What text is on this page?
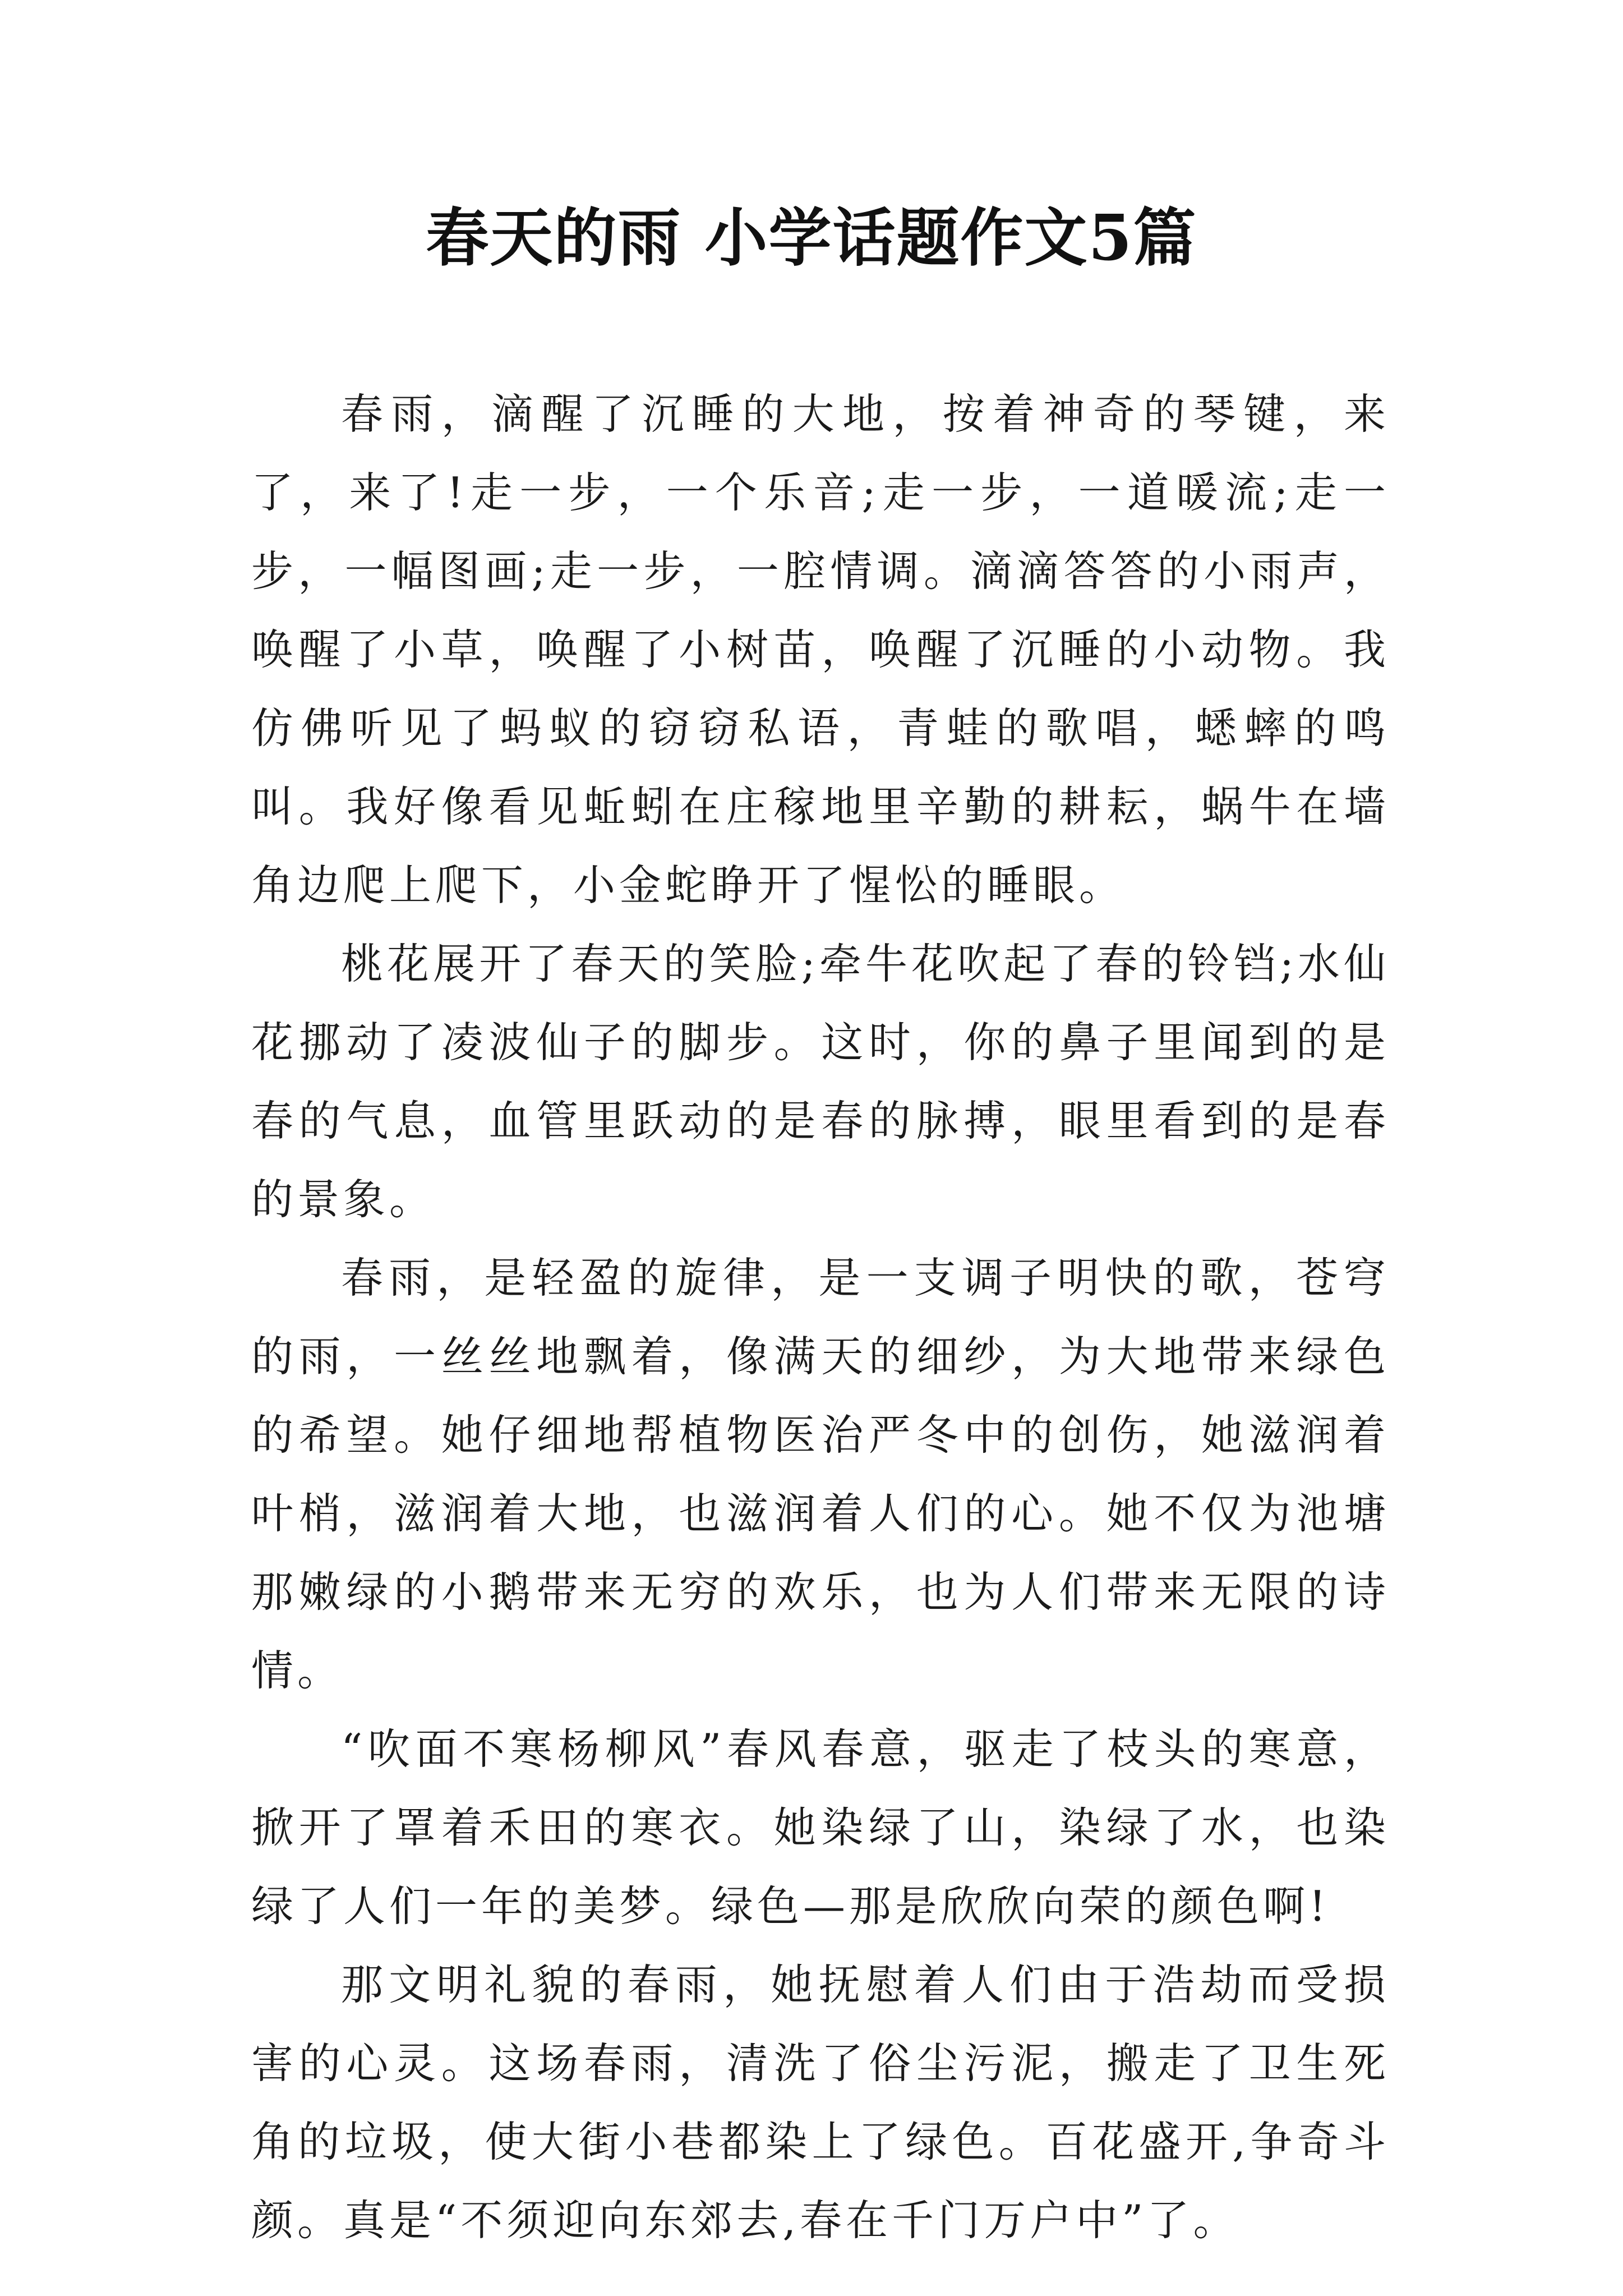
春天的雨 小学话题作文5篇

春雨，滴醒了沉睡的大地，按着神奇的琴键，来了，来了!走一步，一个乐音;走一步，一道暖流;走一步，一幅图画;走一步，一腔情调。滴滴答答的小雨声，唤醒了小草，唤醒了小树苗，唤醒了沉睡的小动物。我仿佛听见了蚂蚁的窃窃私语，青蛙的歌唱，蟋蟀的鸣叫。我好像看见蚯蚓在庄稼地里辛勤的耕耘，蜗牛在墙角边爬上爬下，小金蛇睁开了惺忪的睡眼。

桃花展开了春天的笑脸;牵牛花吹起了春的铃铛;水仙花挪动了凌波仙子的脚步。这时，你的鼻子里闻到的是春的气息，血管里跃动的是春的脉搏，眼里看到的是春的景象。

春雨，是轻盈的旋律，是一支调子明快的歌，苍穹的雨，一丝丝地飘着，像满天的细纱，为大地带来绿色的希望。她仔细地帮植物医治严冬中的创伤，她滋润着叶梢，滋润着大地，也滋润着人们的心。她不仅为池塘那嫩绿的小鹅带来无穷的欢乐，也为人们带来无限的诗情。

“吹面不寒杨柳风”春风春意，驱走了枝头的寒意，掀开了罩着禾田的寒衣。她染绿了山，染绿了水，也染绿了人们一年的美梦。绿色—那是欣欣向荣的颜色啊!

那文明礼貌的春雨，她抚慰着人们由于浩劫而受损害的心灵。这场春雨，清洗了俗尘污泥，搬走了卫生死角的垃圾，使大街小巷都染上了绿色。百花盛开,争奇斗颜。真是“不须迎向东郊去,春在千门万户中”了。
